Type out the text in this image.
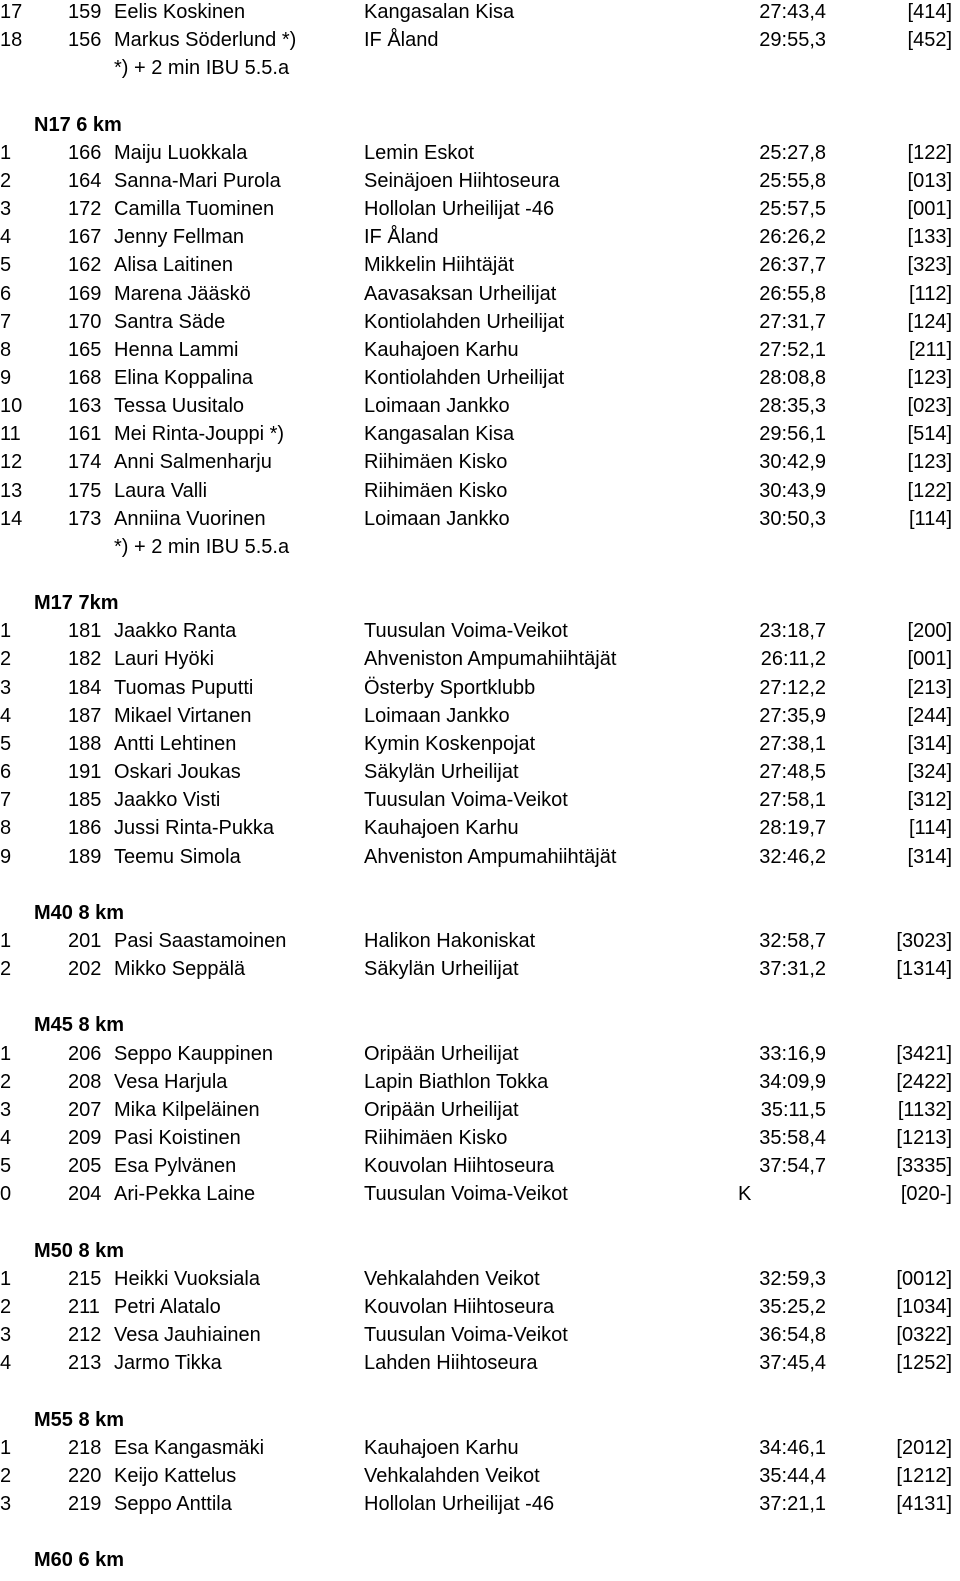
17 159 Eelis Koskinen	Kangasalan Kisa	27:43,4	[414]
18 156 Markus Söderlund *)	IF Åland	29:55,3	[452]
*) + 2 min IBU 5.5.a
N17 6 km
1	166 Maiju Luokkala	Lemin Eskot	25:27,8	[122]
2	164 Sanna-Mari Purola	Seinäjoen Hiihtoseura	25:55,8	[013]
3	172 Camilla Tuominen	Hollolan Urheilijat -46	25:57,5	[001]
4	167 Jenny Fellman	IF Åland	26:26,2	[133]
5	162 Alisa Laitinen	Mikkelin Hiihtäjät	26:37,7	[323]
6	169 Marena Jääskö	Aavasaksan Urheilijat	26:55,8	[112]
7	170 Santra Säde	Kontiolahden Urheilijat	27:31,7	[124]
8	165 Henna Lammi	Kauhajoen Karhu	27:52,1	[211]
9	168 Elina Koppalina	Kontiolahden Urheilijat	28:08,8	[123]
10 163 Tessa Uusitalo	Loimaan Jankko	28:35,3	[023]
11 161 Mei Rinta-Jouppi *)	Kangasalan Kisa	29:56,1	[514]
12 174 Anni Salmenharju	Riihimäen Kisko	30:42,9	[123]
13 175 Laura Valli	Riihimäen Kisko	30:43,9	[122]
14 173 Anniina Vuorinen	Loimaan Jankko	30:50,3	[114]
*) + 2 min IBU 5.5.a
M17 7km
1	181 Jaakko Ranta	Tuusulan Voima-Veikot	23:18,7	[200]
2	182 Lauri Hyöki	Ahveniston Ampumahiihtäjät	26:11,2	[001]
3	184 Tuomas Puputti	Österby Sportklubb	27:12,2	[213]
4	187 Mikael Virtanen	Loimaan Jankko	27:35,9	[244]
5	188 Antti Lehtinen	Kymin Koskenpojat	27:38,1	[314]
6	191 Oskari Joukas	Säkylän Urheilijat	27:48,5	[324]
7	185 Jaakko Visti	Tuusulan Voima-Veikot	27:58,1	[312]
8	186 Jussi Rinta-Pukka	Kauhajoen Karhu	28:19,7	[114]
9	189 Teemu Simola	Ahveniston Ampumahiihtäjät	32:46,2	[314]
M40 8 km
1	201 Pasi Saastamoinen	Halikon Hakoniskat	32:58,7	[3023]
2	202 Mikko Seppälä	Säkylän Urheilijat	37:31,2	[1314]
M45 8 km
1	206 Seppo Kauppinen	Oripään Urheilijat	33:16,9	[3421]
2	208 Vesa Harjula	Lapin Biathlon Tokka	34:09,9	[2422]
3	207 Mika Kilpeläinen	Oripään Urheilijat	35:11,5	[1132]
4	209 Pasi Koistinen	Riihimäen Kisko	35:58,4	[1213]
5	205 Esa Pylvänen	Kouvolan Hiihtoseura	37:54,7	[3335]
0	204 Ari-Pekka Laine	Tuusulan Voima-Veikot	K	[020-]
M50 8 km
1	215 Heikki Vuoksiala	Vehkalahden Veikot	32:59,3	[0012]
2	211 Petri Alatalo	Kouvolan Hiihtoseura	35:25,2	[1034]
3	212 Vesa Jauhiainen	Tuusulan Voima-Veikot	36:54,8	[0322]
4	213 Jarmo Tikka	Lahden Hiihtoseura	37:45,4	[1252]
M55 8 km
1	218 Esa Kangasmäki	Kauhajoen Karhu	34:46,1	[2012]
2	220 Keijo Kattelus	Vehkalahden Veikot	35:44,4	[1212]
3	219 Seppo Anttila	Hollolan Urheilijat -46	37:21,1	[4131]
M60 6 km
